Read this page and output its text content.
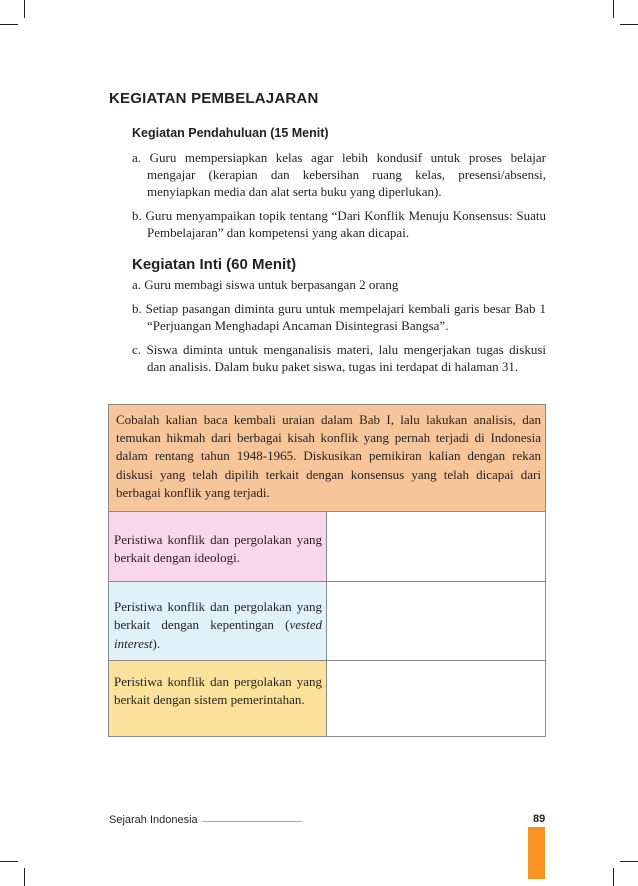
KEGIATAN PEMBELAJARAN
Kegiatan Pendahuluan (15 Menit)
a. Guru mempersiapkan kelas agar lebih kondusif untuk proses belajar mengajar (kerapian dan kebersihan ruang kelas, presensi/absensi, menyiapkan media dan alat serta buku yang diperlukan).
b. Guru menyampaikan topik tentang “Dari Konflik Menuju Konsensus: Suatu Pembelajaran” dan kompetensi yang akan dicapai.
Kegiatan Inti (60 Menit)
a. Guru membagi siswa untuk berpasangan 2 orang
b. Setiap pasangan diminta guru untuk mempelajari kembali garis besar Bab 1 “Perjuangan Menghadapi Ancaman Disintegrasi Bangsa”.
c. Siswa diminta untuk menganalisis materi, lalu mengerjakan tugas diskusi dan analisis. Dalam buku paket siswa, tugas ini terdapat di halaman 31.
Cobalah kalian baca kembali uraian dalam Bab I, lalu lakukan analisis, dan temukan hikmah dari berbagai kisah konflik yang pernah terjadi di Indonesia dalam rentang tahun 1948-1965. Diskusikan pemikiran kalian dengan rekan diskusi yang telah dipilih terkait dengan konsensus yang telah dicapai dari berbagai konflik yang terjadi.
Peristiwa konflik dan pergolakan yang berkait dengan ideologi.
Peristiwa konflik dan pergolakan yang berkait dengan kepentingan (vested interest).
Peristiwa konflik dan pergolakan yang berkait dengan sistem pemerintahan.
Sejarah Indonesia	89
